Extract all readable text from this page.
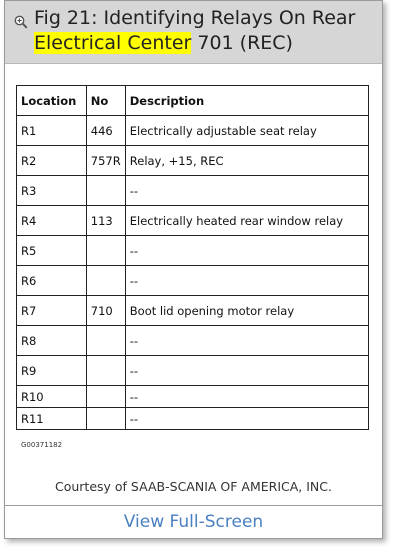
Fig 21: Identifying Relays On Rear
Electrical Center 701 (REC)
Location	No	Description
R1	446	Electrically adjustable seat relay
R2	757R	Relay, +15, REC
R3		--
R4	113	Electrically heated rear window relay
R5		--
R6		--
R7	710	Boot lid opening motor relay
R8		--
R9		--
R10		--
R11		--
G00371182
Courtesy of SAAB-SCANIA OF AMERICA, INC.
View Full-Screen
